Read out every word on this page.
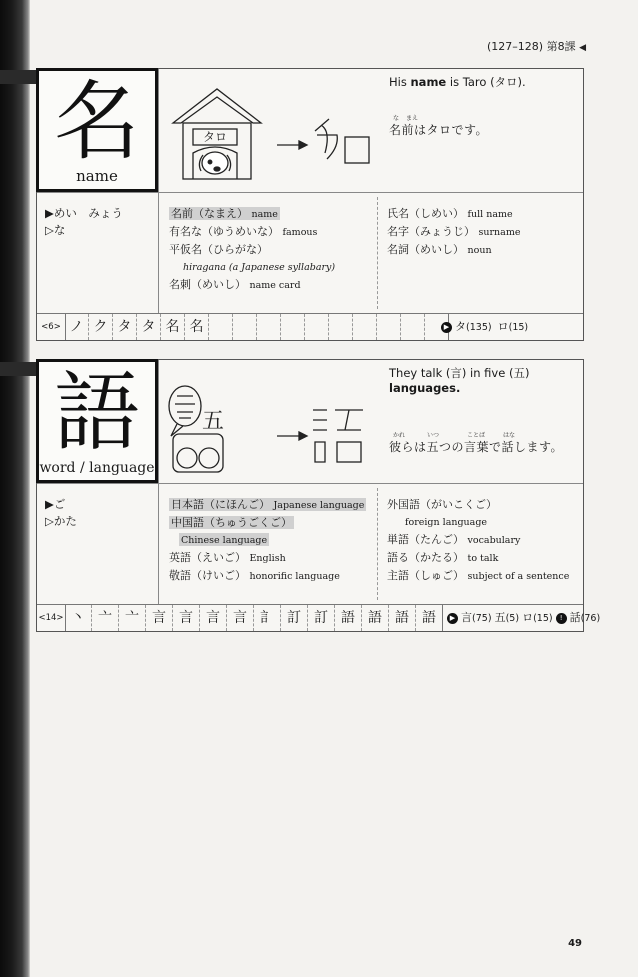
(127–128) 第8課 ◀
名
name
タロ
His name is Taro (タロ).
な まえ
名前はタロです。
▶めい　みょう
▷な
名前（なまえ） name
有名な（ゆうめいな） famous
平仮名（ひらがな）
hiragana (a Japanese syllabary)
名刺（めいし） name card
氏名（しめい） full name
名字（みょうじ） surname
名詞（めいし） noun
<6> ノ ク タ タ 名 名	▶ タ(135) ロ(15)
語
word / language
五
They talk (言) in five (五) languages.
かれ	いつ	ことば	はな
彼らは五つの言葉で話します。
▶ご
▷かた
日本語（にほんご） Japanese language
中国語（ちゅうごくご）
Chinese language
英語（えいご） English
敬語（けいご） honorific language
外国語（がいこくご）
foreign language
単語（たんご） vocabulary
語る（かたる） to talk
主語（しゅご） subject of a sentence
<14> 丶 亠 亠 言 言 言 言 訁 訂 訂 語 語 語 語	▶ 言(75) 五(5) ロ(15) ! 話(76)
49
